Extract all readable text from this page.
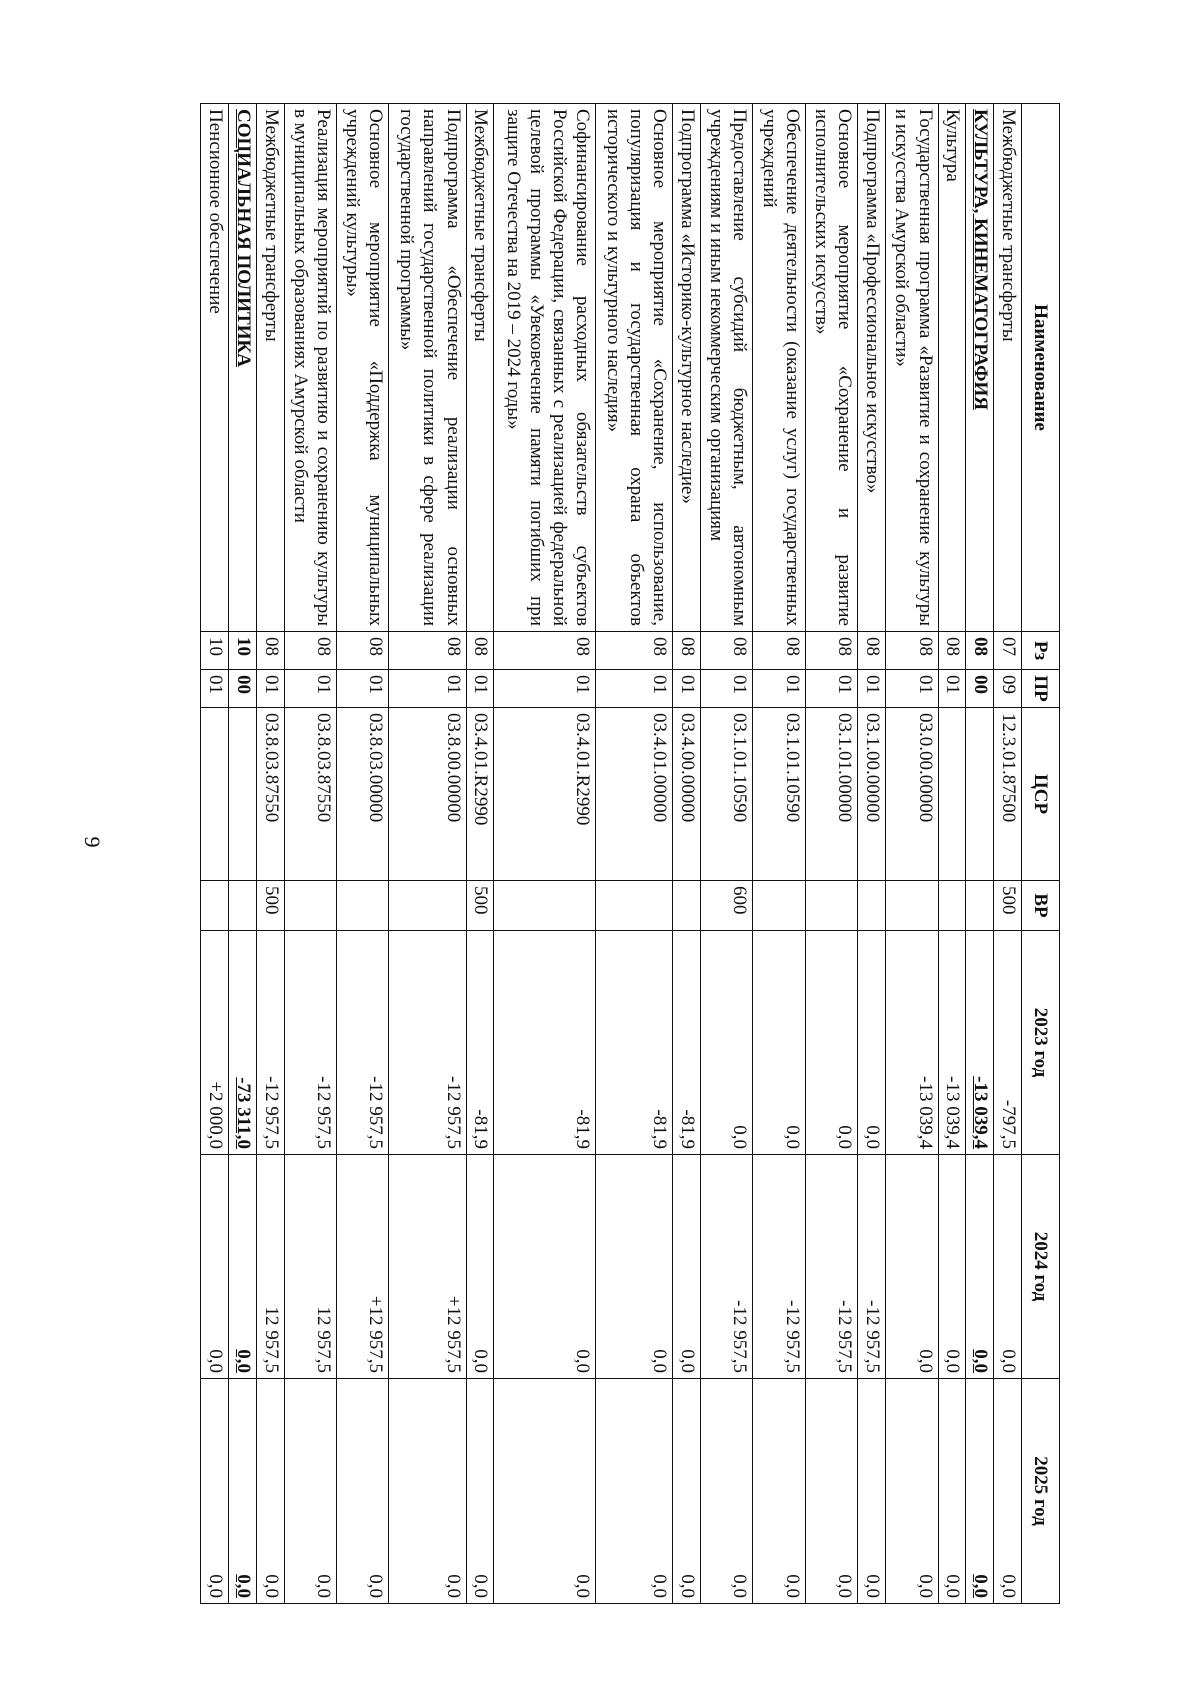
9
Наименование	Рз	ПР	ЦСР	ВР	2023 год	2024 год	2025 год
Межбюджетные трансферты	07	09	12.3.01.87500	500	-797,5	0,0	0,0
КУЛЬТУРА, КИНЕМАТОГРАФИЯ	08	00			-13 039,4	0,0	0,0
Культура	08	01			-13 039,4	0,0	0,0
Государственная программа «Развитие и сохранение культуры и искусства Амурской области»	08	01	03.0.00.00000		-13 039,4	0,0	0,0
Подпрограмма «Профессиональное искусство»	08	01	03.1.00.00000		0,0	-12 957,5	0,0
Основное мероприятие «Сохранение и развитие исполнительских искусств»	08	01	03.1.01.00000		0,0	-12 957,5	0,0
Обеспечение деятельности (оказание услуг) государственных учреждений	08	01	03.1.01.10590		0,0	-12 957,5	0,0
Предоставление субсидий бюджетным, автономным учреждениям и иным некоммерческим организациям	08	01	03.1.01.10590	600	0,0	-12 957,5	0,0
Подпрограмма «Историко-культурное наследие»	08	01	03.4.00.00000		-81,9	0,0	0,0
Основное мероприятие «Сохранение, использование, популяризация и государственная охрана объектов исторического и культурного наследия»	08	01	03.4.01.00000		-81,9	0,0	0,0
Софинансирование расходных обязательств субъектов Российской Федерации, связанных с реализацией федеральной целевой программы «Увековечение памяти погибших при защите Отечества на 2019 – 2024 годы»	08	01	03.4.01.R2990		-81,9	0,0	0,0
Межбюджетные трансферты	08	01	03.4.01.R2990	500	-81,9	0,0	0,0
Подпрограмма «Обеспечение реализации основных направлений государственной политики в сфере реализации государственной программы»	08	01	03.8.00.00000		-12 957,5	+12 957,5	0,0
Основное мероприятие «Поддержка муниципальных учреждений культуры»	08	01	03.8.03.00000		-12 957,5	+12 957,5	0,0
Реализация мероприятий по развитию и сохранению культуры в муниципальных образованиях Амурской области	08	01	03.8.03.87550		-12 957,5	12 957,5	0,0
Межбюджетные трансферты	08	01	03.8.03.87550	500	-12 957,5	12 957,5	0,0
СОЦИАЛЬНАЯ ПОЛИТИКА	10	00			-73 311,0	0,0	0,0
Пенсионное обеспечение	10	01			+2 000,0	0,0	0,0
